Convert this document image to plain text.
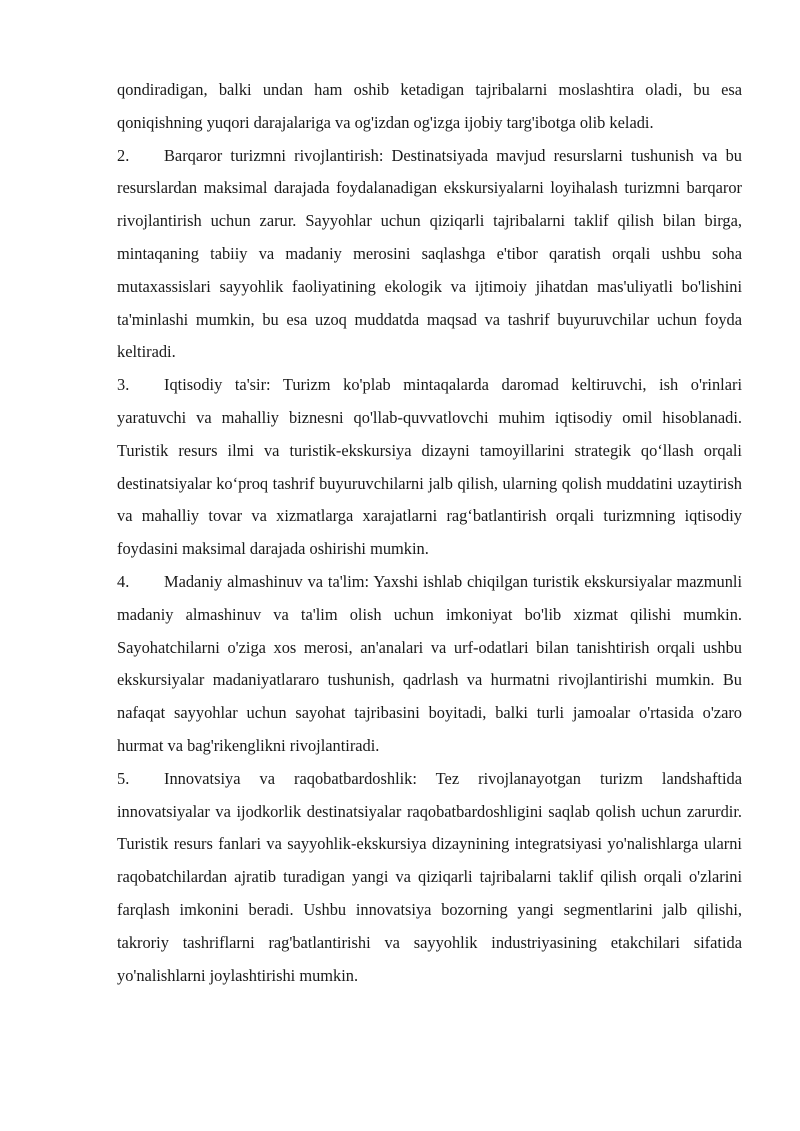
qondiradigan, balki undan ham oshib ketadigan tajribalarni moslashtira oladi, bu esa qoniqishning yuqori darajalariga va og'izdan og'izga ijobiy targ'ibotga olib keladi.

2. Barqaror turizmni rivojlantirish: Destinatsiyada mavjud resurslarni tushunish va bu resurslardan maksimal darajada foydalanadigan ekskursiyalarni loyihalash turizmni barqaror rivojlantirish uchun zarur. Sayyohlar uchun qiziqarli tajribalarni taklif qilish bilan birga, mintaqaning tabiiy va madaniy merosini saqlashga e'tibor qaratish orqali ushbu soha mutaxassislari sayyohlik faoliyatining ekologik va ijtimoiy jihatdan mas'uliyatli bo'lishini ta'minlashi mumkin, bu esa uzoq muddatda maqsad va tashrif buyuruvchilar uchun foyda keltiradi.

3. Iqtisodiy ta'sir: Turizm ko'plab mintaqalarda daromad keltiruvchi, ish o'rinlari yaratuvchi va mahalliy biznesni qo'llab-quvvatlovchi muhim iqtisodiy omil hisoblanadi. Turistik resurs ilmi va turistik-ekskursiya dizayni tamoyillarini strategik qo‘llash orqali destinatsiyalar ko‘proq tashrif buyuruvchilarni jalb qilish, ularning qolish muddatini uzaytirish va mahalliy tovar va xizmatlarga xarajatlarni rag‘batlantirish orqali turizmning iqtisodiy foydasini maksimal darajada oshirishi mumkin.

4. Madaniy almashinuv va ta'lim: Yaxshi ishlab chiqilgan turistik ekskursiyalar mazmunli madaniy almashinuv va ta'lim olish uchun imkoniyat bo'lib xizmat qilishi mumkin. Sayohatchilarni o'ziga xos merosi, an'analari va urf-odatlari bilan tanishtirish orqali ushbu ekskursiyalar madaniyatlararo tushunish, qadrlash va hurmatni rivojlantirishi mumkin. Bu nafaqat sayyohlar uchun sayohat tajribasini boyitadi, balki turli jamoalar o'rtasida o'zaro hurmat va bag'rikenglikni rivojlantiradi.

5. Innovatsiya va raqobatbardoshlik: Tez rivojlanayotgan turizm landshaftida innovatsiyalar va ijodkorlik destinatsiyalar raqobatbardoshligini saqlab qolish uchun zarurdir. Turistik resurs fanlari va sayyohlik-ekskursiya dizaynining integratsiyasi yo'nalishlarga ularni raqobatchilardan ajratib turadigan yangi va qiziqarli tajribalarni taklif qilish orqali o'zlarini farqlash imkonini beradi. Ushbu innovatsiya bozorning yangi segmentlarini jalb qilishi, takroriy tashriflarni rag'batlantirishi va sayyohlik industriyasining etakchilari sifatida yo'nalishlarni joylashtirishi mumkin.
